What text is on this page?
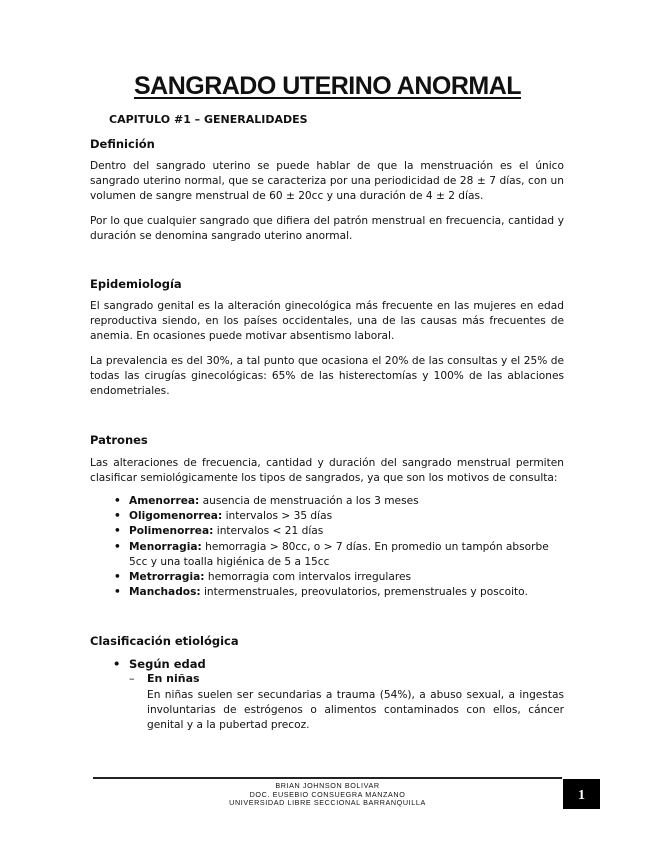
SANGRADO UTERINO ANORMAL
CAPITULO #1 – GENERALIDADES
Definición

Dentro del sangrado uterino se puede hablar de que la menstruación es el único sangrado uterino normal, que se caracteriza por una periodicidad de 28 ± 7 días, con un volumen de sangre menstrual de 60 ± 20cc y una duración de 4 ± 2 días.

Por lo que cualquier sangrado que difiera del patrón menstrual en frecuencia, cantidad y duración se denomina sangrado uterino anormal.

Epidemiología

El sangrado genital es la alteración ginecológica más frecuente en las mujeres en edad reproductiva siendo, en los países occidentales, una de las causas más frecuentes de anemia. En ocasiones puede motivar absentismo laboral.

La prevalencia es del 30%, a tal punto que ocasiona el 20% de las consultas y el 25% de todas las cirugías ginecológicas: 65% de las histerectomías y 100% de las ablaciones endometriales.

Patrones

Las alteraciones de frecuencia, cantidad y duración del sangrado menstrual permiten clasificar semiológicamente los tipos de sangrados, ya que son los motivos de consulta:

• Amenorrea: ausencia de menstruación a los 3 meses
• Oligomenorrea: intervalos > 35 días
• Polimenorrea: intervalos < 21 días
• Menorragia: hemorragia > 80cc, o > 7 días. En promedio un tampón absorbe 5cc y una toalla higiénica de 5 a 15cc
• Metrorragia: hemorragia com intervalos irregulares
• Manchados: intermenstruales, preovulatorios, premenstruales y poscoito.
Clasificación etiológica
• Según edad
– En niñas

En niñas suelen ser secundarias a trauma (54%), a abuso sexual, a ingestas involuntarias de estrógenos o alimentos contaminados con ellos, cáncer genital y a la pubertad precoz.

BRIAN JOHNSON BOLIVAR
DOC. EUSEBIO CONSUEGRA MANZANO
UNIVERSIDAD LIBRE SECCIONAL BARRANQUILLA	1
